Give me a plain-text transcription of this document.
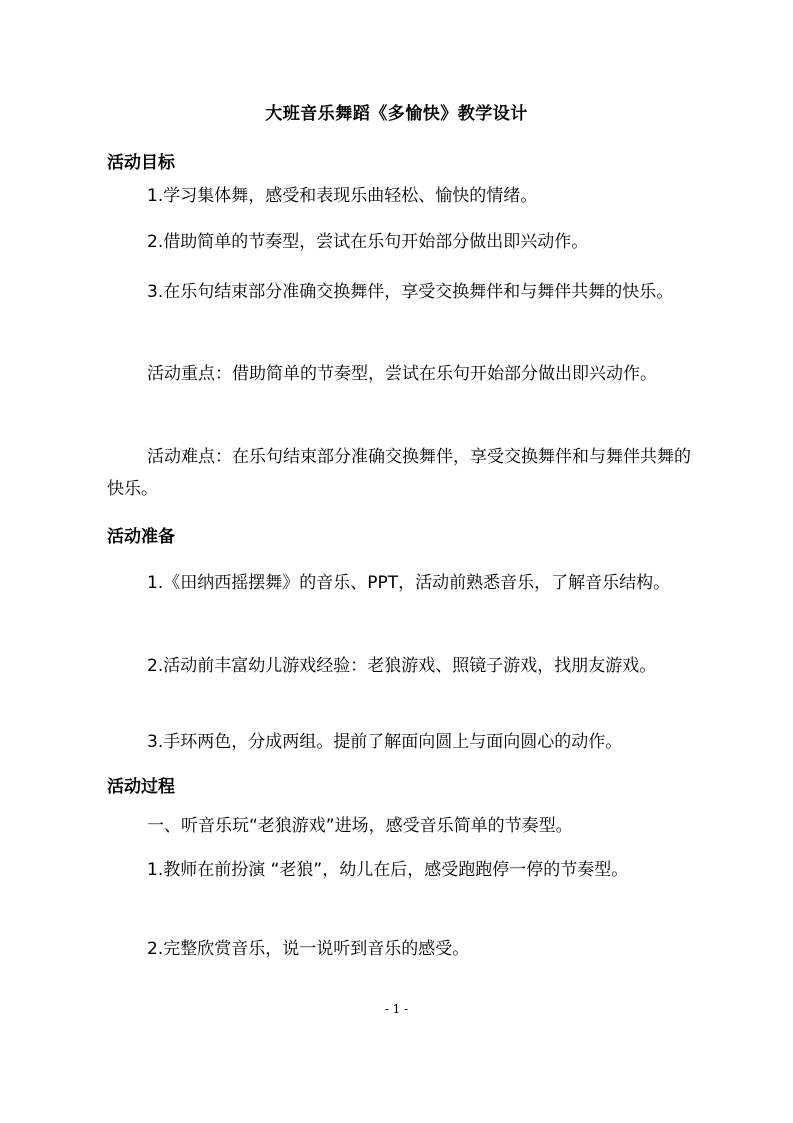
大班音乐舞蹈《多愉快》教学设计
活动目标
1.学习集体舞，感受和表现乐曲轻松、愉快的情绪。
2.借助简单的节奏型，尝试在乐句开始部分做出即兴动作。
3.在乐句结束部分准确交换舞伴，享受交换舞伴和与舞伴共舞的快乐。
活动重点：借助简单的节奏型，尝试在乐句开始部分做出即兴动作。
活动难点：在乐句结束部分准确交换舞伴，享受交换舞伴和与舞伴共舞的快乐。
活动准备
1.《田纳西摇摆舞》的音乐、PPT，活动前熟悉音乐，了解音乐结构。
2.活动前丰富幼儿游戏经验：老狼游戏、照镜子游戏，找朋友游戏。
3.手环两色，分成两组。提前了解面向圆上与面向圆心的动作。
活动过程
一、听音乐玩“老狼游戏”进场，感受音乐简单的节奏型。
1.教师在前扮演 “老狼”，幼儿在后，感受跑跑停一停的节奏型。
2.完整欣赏音乐，说一说听到音乐的感受。
- 1 -
